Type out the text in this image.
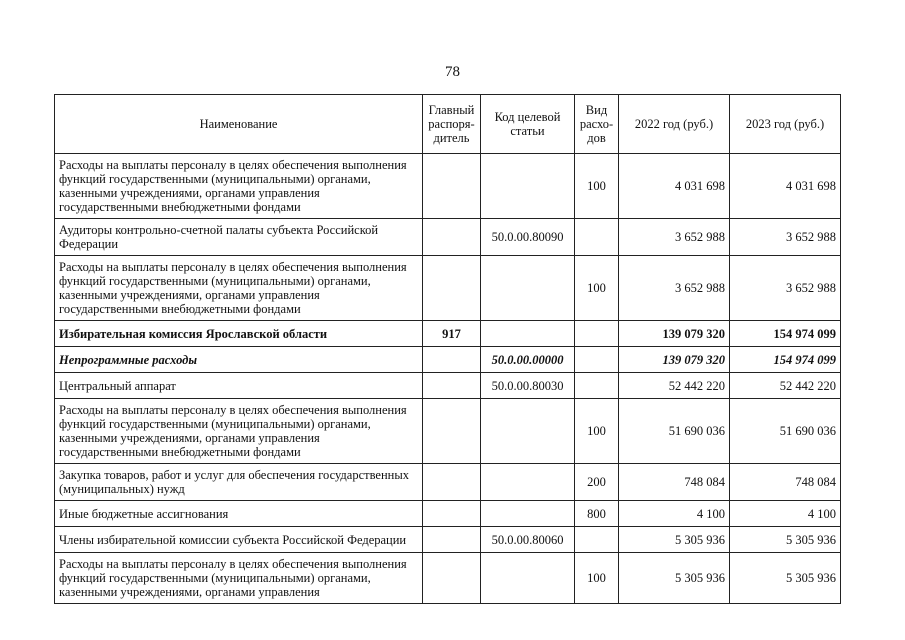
78
Наименование	Главный распоря-дитель	Код целевой статьи	Вид расхо-дов	2022 год (руб.)	2023 год (руб.)
Расходы на выплаты персоналу в целях обеспечения выполнения функций государственными (муниципальными) органами, казенными учреждениями, органами управления государственными внебюджетными фондами			100	4 031 698	4 031 698
Аудиторы контрольно-счетной палаты субъекта Российской Федерации		50.0.00.80090		3 652 988	3 652 988
Расходы на выплаты персоналу в целях обеспечения выполнения функций государственными (муниципальными) органами, казенными учреждениями, органами управления государственными внебюджетными фондами			100	3 652 988	3 652 988
Избирательная комиссия Ярославской области	917			139 079 320	154 974 099
Непрограммные расходы		50.0.00.00000		139 079 320	154 974 099
Центральный аппарат		50.0.00.80030		52 442 220	52 442 220
Расходы на выплаты персоналу в целях обеспечения выполнения функций государственными (муниципальными) органами, казенными учреждениями, органами управления государственными внебюджетными фондами			100	51 690 036	51 690 036
Закупка товаров, работ и услуг для обеспечения государственных (муниципальных) нужд			200	748 084	748 084
Иные бюджетные ассигнования			800	4 100	4 100
Члены избирательной комиссии субъекта Российской Федерации		50.0.00.80060		5 305 936	5 305 936
Расходы на выплаты персоналу в целях обеспечения выполнения функций государственными (муниципальными) органами, казенными учреждениями, органами управления			100	5 305 936	5 305 936
